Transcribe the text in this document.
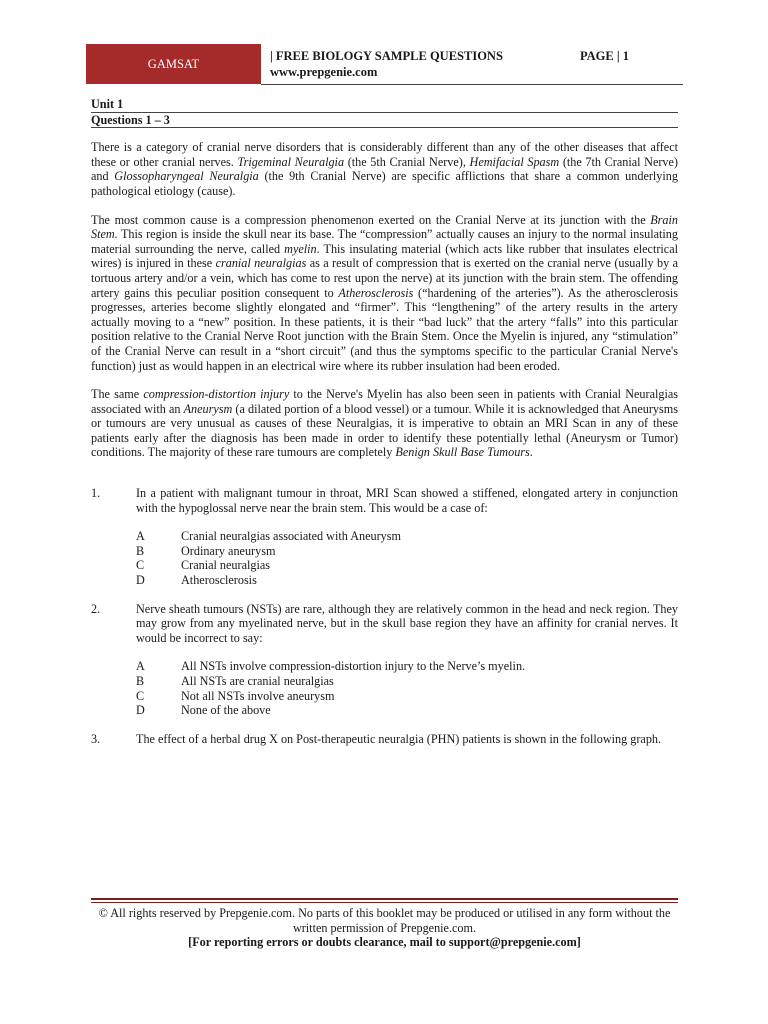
GAMSAT
| FREE BIOLOGY SAMPLE QUESTIONS
www.prepgenie.com
PAGE | 1
Unit 1
Questions 1 – 3

There is a category of cranial nerve disorders that is considerably different than any of the other diseases that affect these or other cranial nerves. Trigeminal Neuralgia (the 5th Cranial Nerve), Hemifacial Spasm (the 7th Cranial Nerve) and Glossopharyngeal Neuralgia (the 9th Cranial Nerve) are specific afflictions that share a common underlying pathological etiology (cause).

The most common cause is a compression phenomenon exerted on the Cranial Nerve at its junction with the Brain Stem. This region is inside the skull near its base. The “compression” actually causes an injury to the normal insulating material surrounding the nerve, called myelin. This insulating material (which acts like rubber that insulates electrical wires) is injured in these cranial neuralgias as a result of compression that is exerted on the cranial nerve (usually by a tortuous artery and/or a vein, which has come to rest upon the nerve) at its junction with the brain stem. The offending artery gains this peculiar position consequent to Atherosclerosis (“hardening of the arteries”). As the atherosclerosis progresses, arteries become slightly elongated and “firmer”. This “lengthening” of the artery results in the artery actually moving to a “new” position. In these patients, it is their “bad luck” that the artery “falls” into this particular position relative to the Cranial Nerve Root junction with the Brain Stem. Once the Myelin is injured, any “stimulation” of the Cranial Nerve can result in a “short circuit” (and thus the symptoms specific to the particular Cranial Nerve's function) just as would happen in an electrical wire where its rubber insulation had been eroded.

The same compression-distortion injury to the Nerve's Myelin has also been seen in patients with Cranial Neuralgias associated with an Aneurysm (a dilated portion of a blood vessel) or a tumour. While it is acknowledged that Aneurysms or tumours are very unusual as causes of these Neuralgias, it is imperative to obtain an MRI Scan in any of these patients early after the diagnosis has been made in order to identify these potentially lethal (Aneurysm or Tumor) conditions. The majority of these rare tumours are completely Benign Skull Base Tumours.

1.	In a patient with malignant tumour in throat, MRI Scan showed a stiffened, elongated artery in conjunction with the hypoglossal nerve near the brain stem. This would be a case of:
A	Cranial neuralgias associated with Aneurysm
B	Ordinary aneurysm
C	Cranial neuralgias
D	Atherosclerosis
2.	Nerve sheath tumours (NSTs) are rare, although they are relatively common in the head and neck region. They may grow from any myelinated nerve, but in the skull base region they have an affinity for cranial nerves. It would be incorrect to say:
A	All NSTs involve compression-distortion injury to the Nerve’s myelin.
B	All NSTs are cranial neuralgias
C	Not all NSTs involve aneurysm
D	None of the above
3.	The effect of a herbal drug X on Post-therapeutic neuralgia (PHN) patients is shown in the following graph.
© All rights reserved by Prepgenie.com. No parts of this booklet may be produced or utilised in any form without the written permission of Prepgenie.com.
[For reporting errors or doubts clearance, mail to support@prepgenie.com]
